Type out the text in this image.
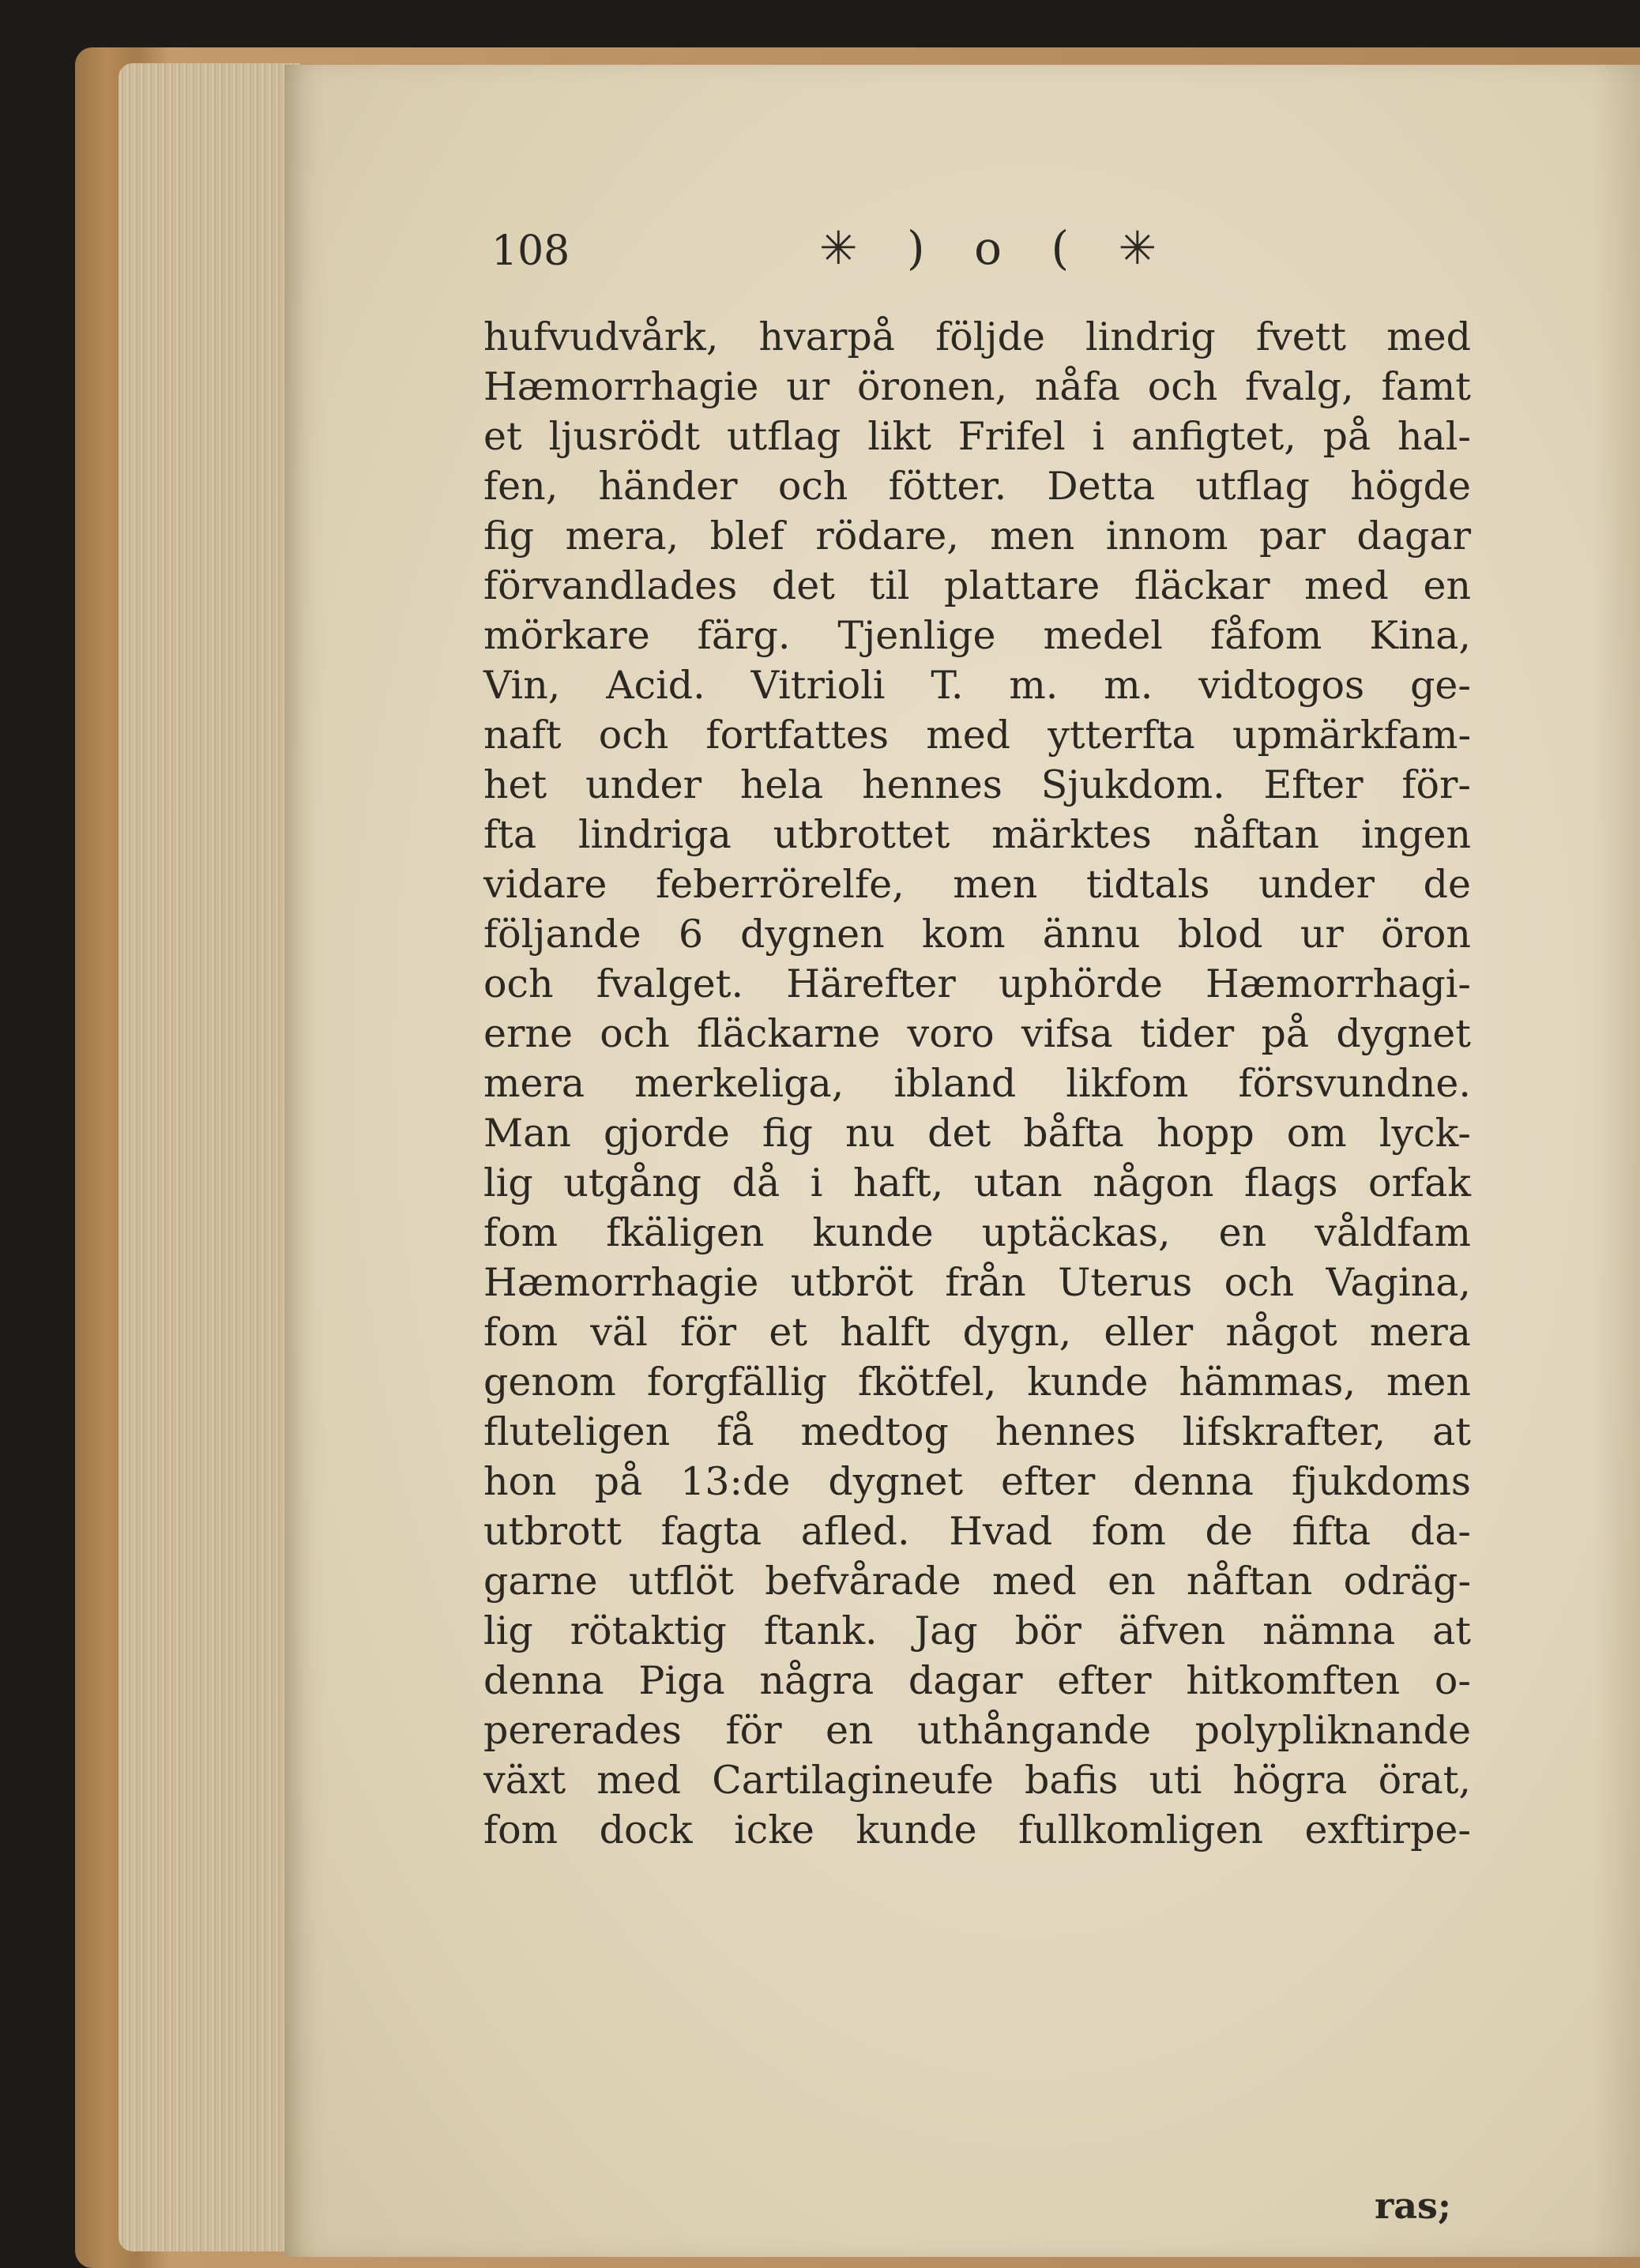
108	✳ ) o ( ✳
hufvudvårk, hvarpå följde lindrig fvett med
Hæmorrhagie ur öronen, nåfa och fvalg, famt
et ljusrödt utflag likt Frifel i anfigtet, på hal-
fen, händer och fötter. Detta utflag högde
fig mera, blef rödare, men innom par dagar
förvandlades det til plattare fläckar med en
mörkare färg. Tjenlige medel fåfom Kina,
Vin, Acid. Vitrioli T. m. m. vidtogos ge-
naft och fortfattes med ytterfta upmärkfam-
het under hela hennes Sjukdom. Efter för-
fta lindriga utbrottet märktes nåftan ingen
vidare feberrörelfe, men tidtals under de
följande 6 dygnen kom ännu blod ur öron
och fvalget. Härefter uphörde Hæmorrhagi-
erne och fläckarne voro vifsa tider på dygnet
mera merkeliga, ibland likfom försvundne.
Man gjorde fig nu det båfta hopp om lyck-
lig utgång då i haft, utan någon flags orfak
fom fkäligen kunde uptäckas, en våldfam
Hæmorrhagie utbröt från Uterus och Vagina,
fom väl för et halft dygn, eller något mera
genom forgfällig fkötfel, kunde hämmas, men
fluteligen få medtog hennes lifskrafter, at
hon på 13:de dygnet efter denna fjukdoms
utbrott fagta afled. Hvad fom de fifta da-
garne utflöt befvårade med en nåftan odräg-
lig rötaktig ftank. Jag bör äfven nämna at
denna Piga några dagar efter hitkomften o-
pererades för en uthångande polypliknande
växt med Cartilagineufe bafis uti högra örat,
fom dock icke kunde fullkomligen exftirpe-
ras;
